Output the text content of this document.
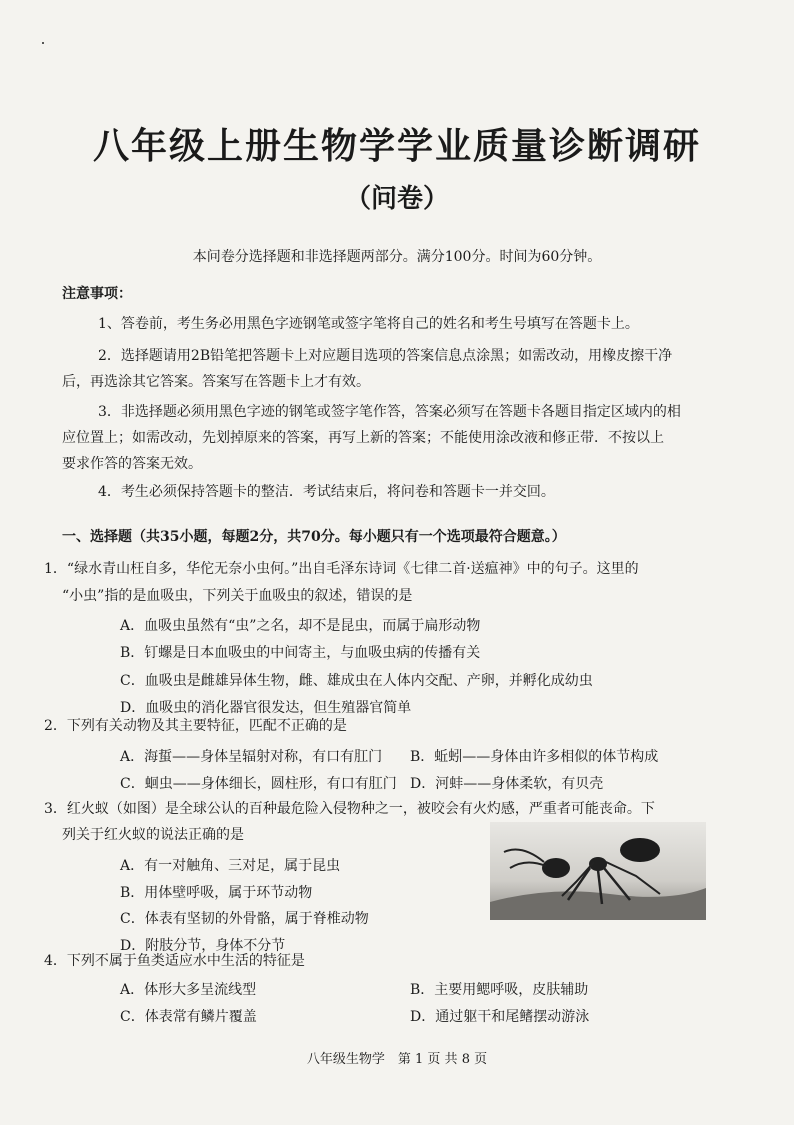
八年级上册生物学学业质量诊断调研
（问卷）
本问卷分选择题和非选择题两部分。满分100分。时间为60分钟。
注意事项：
1、答卷前，考生务必用黑色字迹钢笔或签字笔将自己的姓名和考生号填写在答题卡上。
2．选择题请用2B铅笔把答题卡上对应题目选项的答案信息点涂黑；如需改动，用橡皮擦干净
后，再选涂其它答案。答案写在答题卡上才有效。
3．非选择题必须用黑色字迹的钢笔或签字笔作答，答案必须写在答题卡各题目指定区域内的相
应位置上；如需改动，先划掉原来的答案，再写上新的答案；不能使用涂改液和修正带．不按以上
要求作答的答案无效。
4．考生必须保持答题卡的整洁．考试结束后，将问卷和答题卡一并交回。
一、选择题（共35小题，每题2分，共70分。每小题只有一个选项最符合题意。）
1．“绿水青山枉自多，华佗无奈小虫何。”出自毛泽东诗词《七律二首·送瘟神》中的句子。这里的
“小虫”指的是血吸虫，下列关于血吸虫的叙述，错误的是
A．血吸虫虽然有“虫”之名，却不是昆虫，而属于扁形动物
B．钉螺是日本血吸虫的中间寄主，与血吸虫病的传播有关
C．血吸虫是雌雄异体生物，雌、雄成虫在人体内交配、产卵，并孵化成幼虫
D．血吸虫的消化器官很发达，但生殖器官简单
2．下列有关动物及其主要特征，匹配不正确的是
A．海蜇——身体呈辐射对称，有口有肛门 B．蚯蚓——身体由许多相似的体节构成
C．蛔虫——身体细长，圆柱形，有口有肛门 D．河蚌——身体柔软，有贝壳
3．红火蚁（如图）是全球公认的百种最危险入侵物种之一，被咬会有火灼感，严重者可能丧命。下
列关于红火蚁的说法正确的是
A．有一对触角、三对足，属于昆虫
B．用体壁呼吸，属于环节动物
C．体表有坚韧的外骨骼，属于脊椎动物
D．附肢分节，身体不分节
4．下列不属于鱼类适应水中生活的特征是
A．体形大多呈流线型	B．主要用鳃呼吸，皮肤辅助
C．体表常有鳞片覆盖	D．通过躯干和尾鳍摆动游泳
八年级生物学　第 1 页 共 8 页
